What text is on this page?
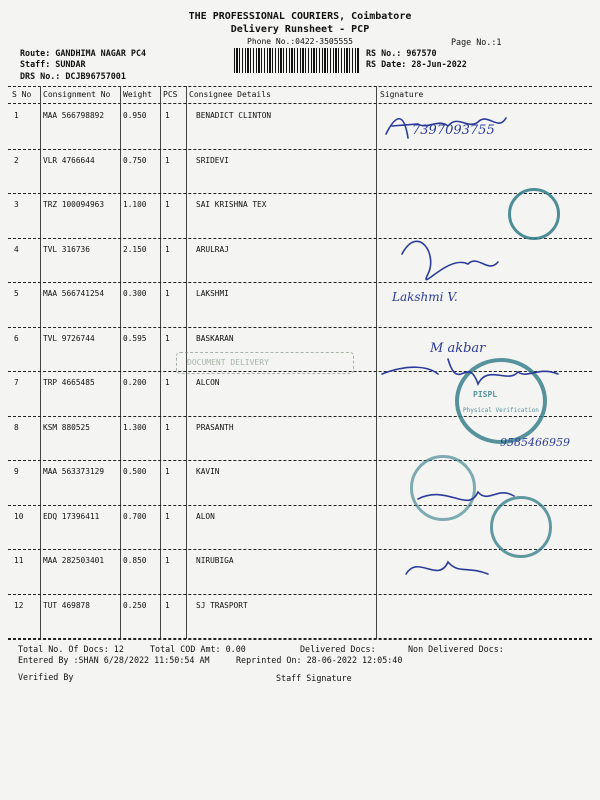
THE PROFESSIONAL COURIERS, Coimbatore
Delivery Runsheet - PCP
Phone No.:0422-3505555	Page No.:1
Route: GANDHIMA NAGAR PC4
Staff: SUNDAR
DRS No.: DCJB96757001
RS No.: 967570
RS Date: 28-Jun-2022
S No Consignment No Weight PCS Consignee Details	Signature
1	MAA 566798892 0.950 1	BENADICT CLINTON
2	VLR 4766644	0.750 1	SRIDEVI
3	TRZ 100094963 1.100 1	SAI KRISHNA TEX
4	TVL 316736	2.150 1	ARULRAJ
5	MAA 566741254 0.300 1	LAKSHMI
6	TVL 9726744	0.595 1	BASKARAN
7	TRP 4665485	0.200 1	ALCON
8	KSM 880525	1.300 1	PRASANTH
9	MAA 563373129 0.500 1	KAVIN
10	EDQ 17396411	0.700 1	ALON
11	MAA 282503401 0.850 1	NIRUBIGA
12	TUT 469878	0.250 1	SJ TRASPORT
PISPL
Physical Verification
DOCUMENT DELIVERY
7397093755
Lakshmi V.
M akbar
9585466959
Total No. Of Docs: 12	Total COD Amt: 0.00	Delivered Docs:	Non Delivered Docs:
Entered By :SHAN 6/28/2022 11:50:54 AM	Reprinted On: 28-06-2022 12:05:40
Verified By	Staff Signature
